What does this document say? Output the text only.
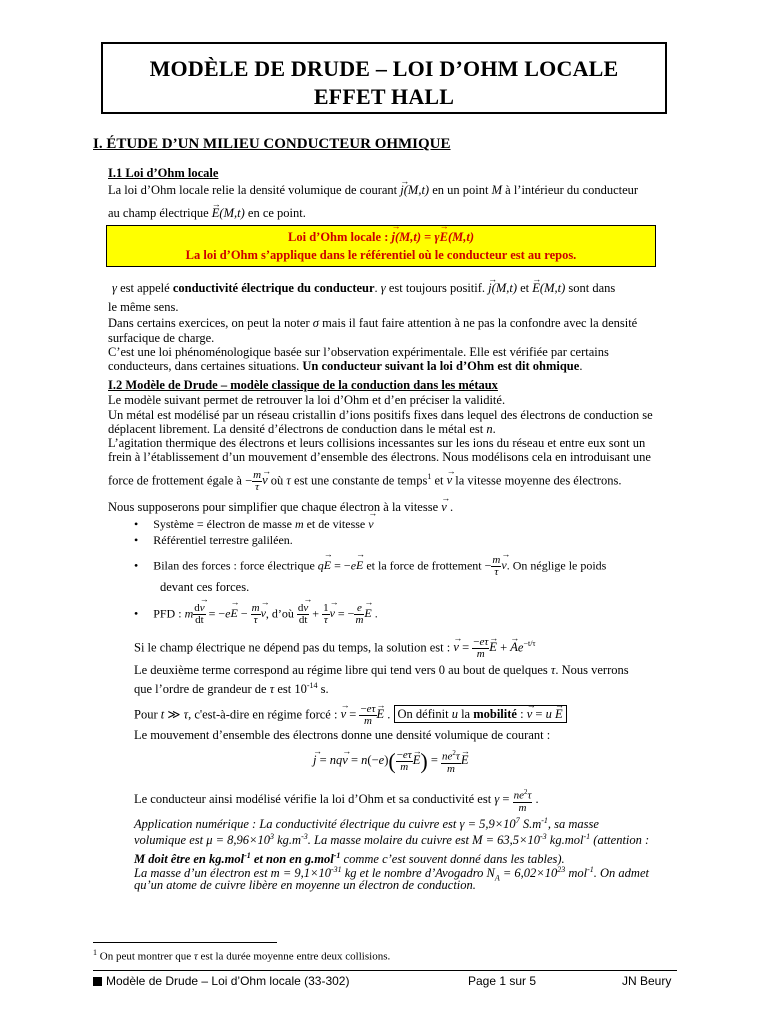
MODÈLE DE DRUDE – LOI D’OHM LOCALE
EFFET HALL
I. ÉTUDE D’UN MILIEU CONDUCTEUR OHMIQUE
I.1 Loi d’Ohm locale
La loi d’Ohm locale relie la densité volumique de courant → j(M,t) en un point M à l’intérieur du conducteur
au champ électrique → E(M,t) en ce point.
Loi d’Ohm locale : → j(M,t) = γ→ E(M,t)
La loi d’Ohm s’applique dans le référentiel où le conducteur est au repos.
γ est appelé conductivité électrique du conducteur. γ est toujours positif. → j(M,t) et → E(M,t) sont dans
le même sens.
Dans certains exercices, on peut la noter σ mais il faut faire attention à ne pas la confondre avec la densité
surfacique de charge.
C’est une loi phénoménologique basée sur l’observation expérimentale. Elle est vérifiée par certains
conducteurs, dans certaines situations. Un conducteur suivant la loi d’Ohm est dit ohmique.
I.2 Modèle de Drude – modèle classique de la conduction dans les métaux
Le modèle suivant permet de retrouver la loi d’Ohm et d’en préciser la validité.
Un métal est modélisé par un réseau cristallin d’ions positifs fixes dans lequel des électrons de conduction se
déplacent librement. La densité d’électrons de conduction dans le métal est n.
L’agitation thermique des électrons et leurs collisions incessantes sur les ions du réseau et entre eux sont un
frein à l’établissement d’un mouvement d’ensemble des électrons. Nous modélisons cela en introduisant une
force de frottement égale à − $\frac{m}{\tau}$
→ v où τ est une constante de temps$^1$ et → v la vitesse moyenne des électrons.
Nous supposerons pour simplifier que chaque électron à la vitesse → v .
•     Système = électron de masse m et de vitesse → v
•     Référentiel terrestre galiléen.
•     Bilan des forces : force électrique q→ E = −e→ E et la force de frottement − $\frac{m}{\tau}$
→ v. On néglige le poids
devant ces forces.
•     PFD : m $\frac{d\to v}{dt} = -e\to E - \frac{m}{\tau}$
→ v, d’où $\frac{d\to v}{dt} + \frac{1}{\tau}$
→ v = − $\frac{e}{m}$
→ E .
Si le champ électrique ne dépend pas du temps, la solution est : → $v = \frac{-e\tau}{m}$
→ E + → $Ae^{-t/\tau}$
Le deuxième terme correspond au régime libre qui tend vers 0 au bout de quelques τ. Nous verrons
que l’ordre de grandeur de τ est $10^{-14}$ s.
Pour t ≫ τ, c'est-à-dire en régime forcé : → $v = \frac{-e\tau}{m}$
→ E . On définit u la mobilité : → v = u → E
Le mouvement d’ensemble des électrons donne une densité volumique de courant :
→ $j = nq\to v = n(-e)( \frac{-e\tau}{m}$
→ $E) = \frac{ne^2\tau}{m}$
→ E
Le conducteur ainsi modélisé vérifie la loi d’Ohm et sa conductivité est $\gamma = \frac{ne^2\tau}{m}$ .
Application numérique : La conductivité électrique du cuivre est $\gamma = 5,9\times 10^7$ $S.m^{-1}$, sa masse
volumique est $\mu = 8,96\times 10^3$ $kg.m^{-3}$. La masse molaire du cuivre est $M = 63,5\times 10^{-3}$ kg.mol$^{-1}$ (attention :
M doit être en kg.mol$^{-1}$ et non en g.mol$^{-1}$ comme c’est souvent donné dans les tables).
La masse d’un électron est $m = 9,1\times 10^{-31}$ kg et le nombre d’Avogadro $N_A = 6,02\times 10^{23}$ mol$^{-1}$. On admet
qu’un atome de cuivre libère en moyenne un électron de conduction.
$^1$ On peut montrer que τ est la durée moyenne entre deux collisions.
Modèle de Drude – Loi d’Ohm locale (33-302)	Page 1 sur 5	JN Beury
